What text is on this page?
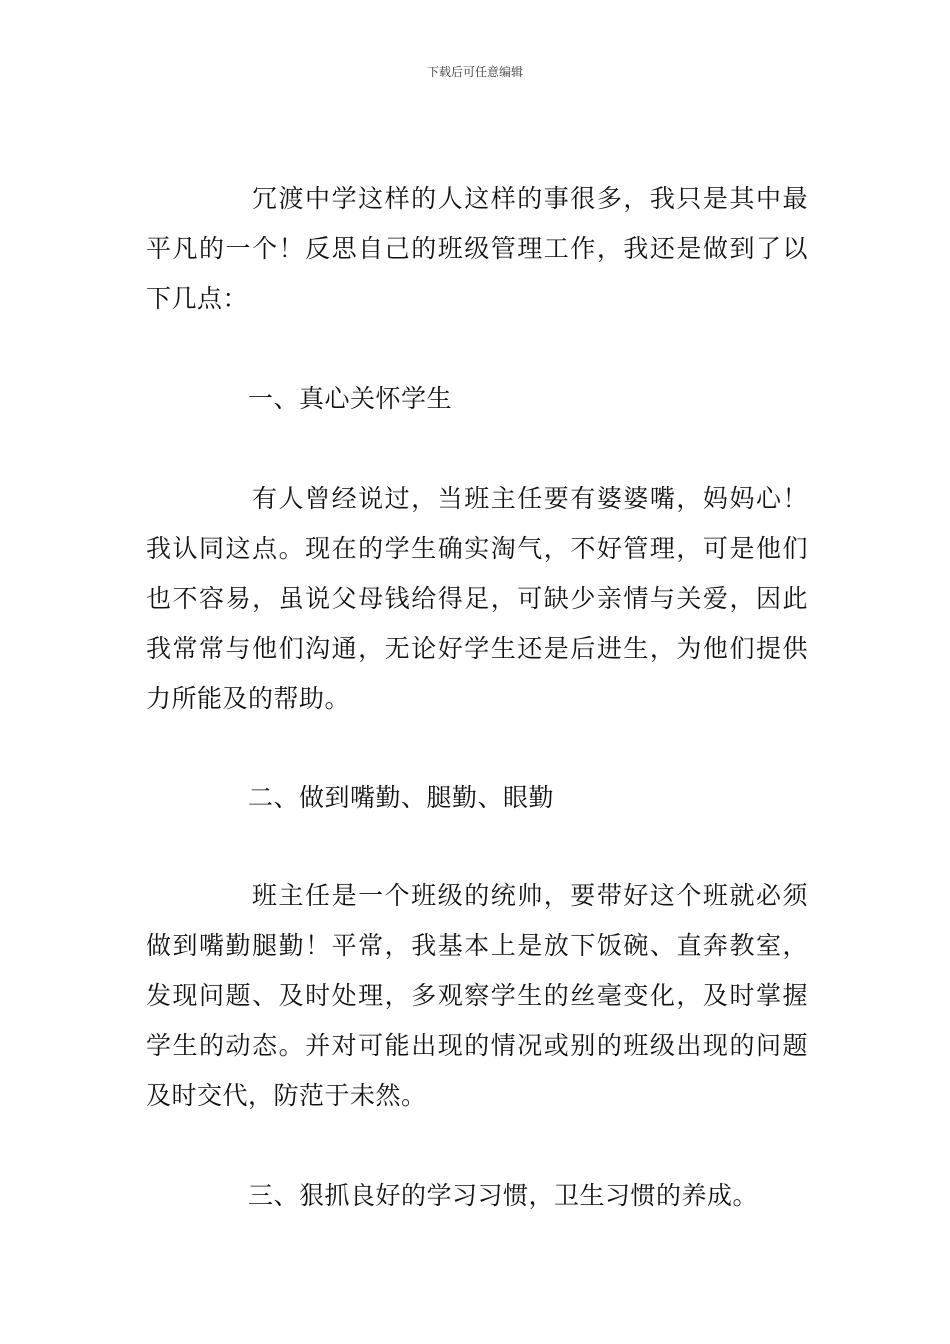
下载后可任意编辑

冗渡中学这样的人这样的事很多，我只是其中最平凡的一个！反思自己的班级管理工作，我还是做到了以下几点：

一、真心关怀学生

有人曾经说过，当班主任要有婆婆嘴，妈妈心！我认同这点。现在的学生确实淘气，不好管理，可是他们也不容易，虽说父母钱给得足，可缺少亲情与关爱，因此我常常与他们沟通，无论好学生还是后进生，为他们提供力所能及的帮助。

二、做到嘴勤、腿勤、眼勤

班主任是一个班级的统帅，要带好这个班就必须做到嘴勤腿勤！平常，我基本上是放下饭碗、直奔教室，发现问题、及时处理，多观察学生的丝毫变化，及时掌握学生的动态。并对可能出现的情况或别的班级出现的问题及时交代，防范于未然。

三、狠抓良好的学习习惯，卫生习惯的养成。
